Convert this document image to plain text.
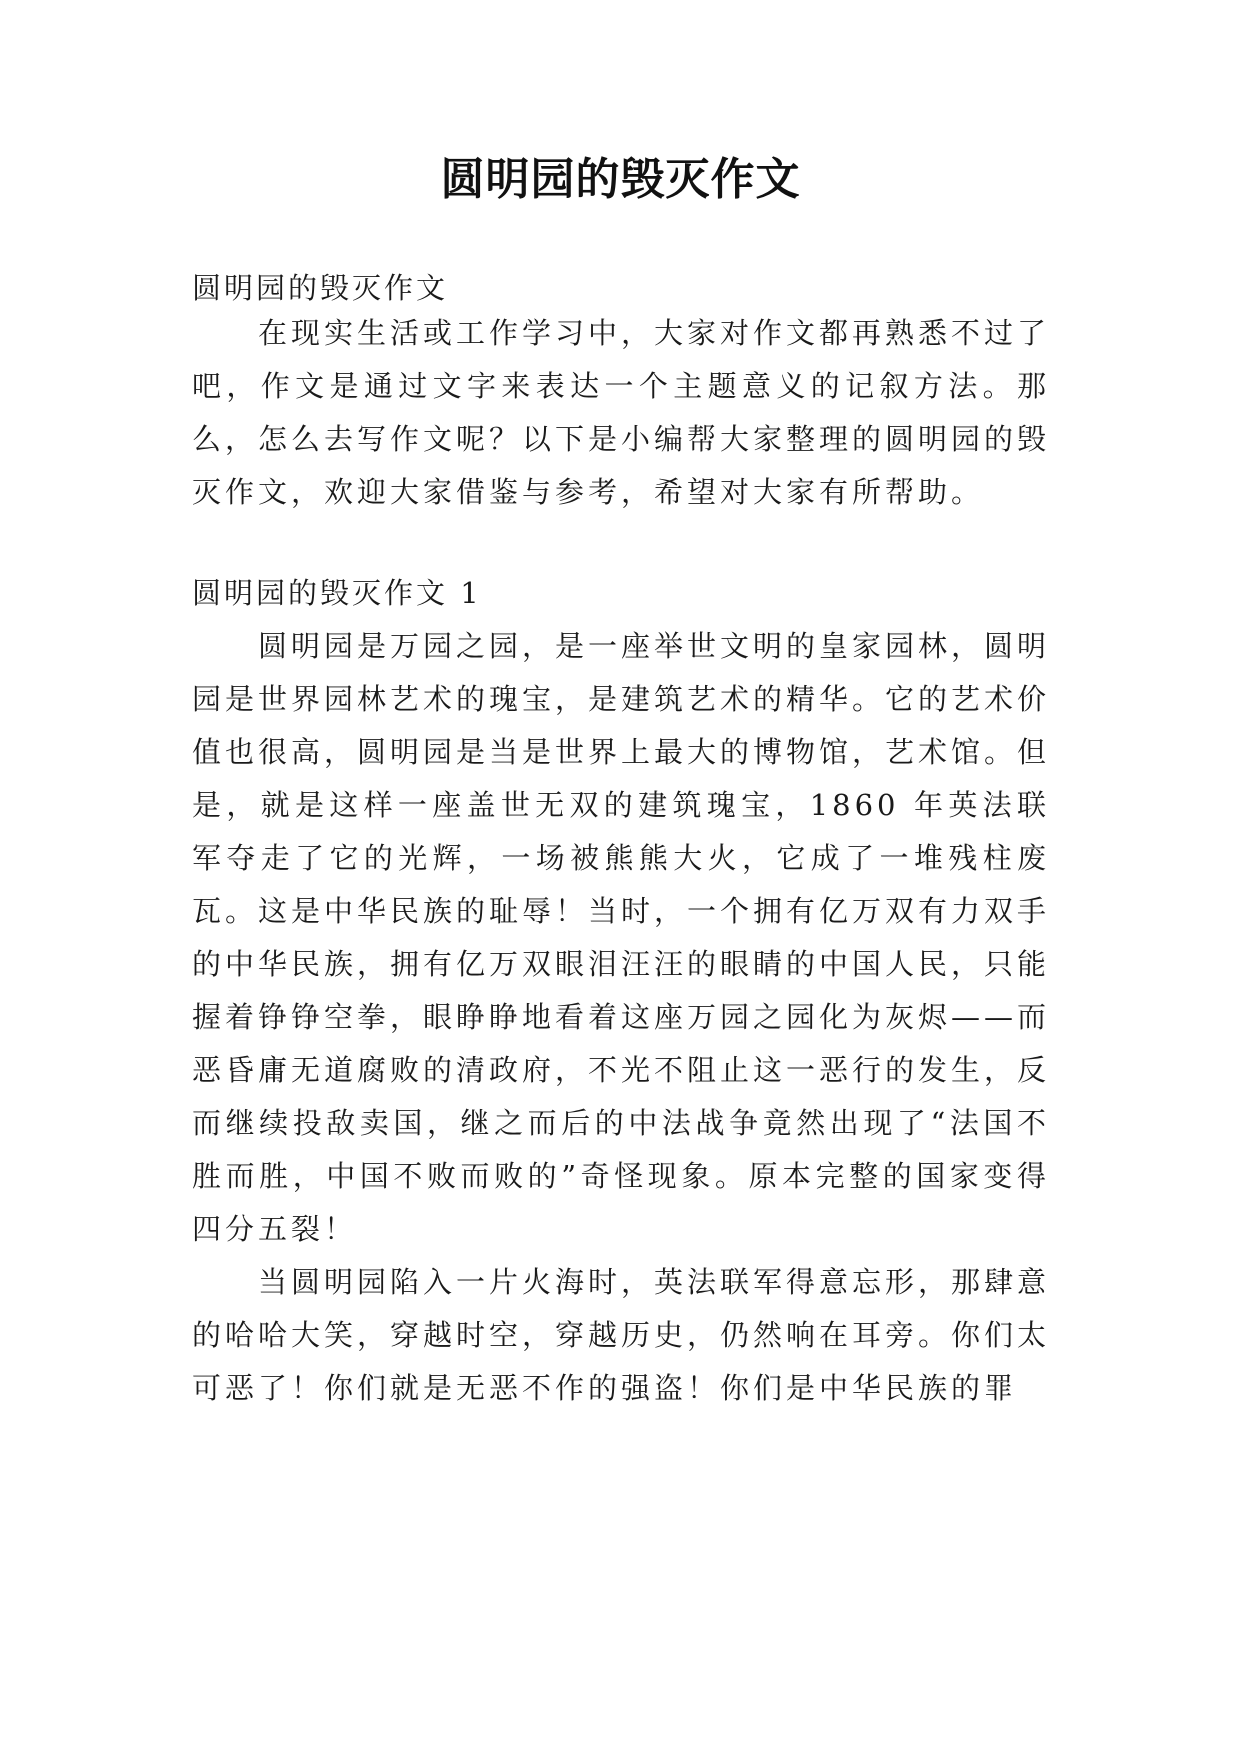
圆明园的毁灭作文

圆明园的毁灭作文

在现实生活或工作学习中，大家对作文都再熟悉不过了吧，作文是通过文字来表达一个主题意义的记叙方法。那么，怎么去写作文呢？以下是小编帮大家整理的圆明园的毁灭作文，欢迎大家借鉴与参考，希望对大家有所帮助。

圆明园的毁灭作文 1

圆明园是万园之园，是一座举世文明的皇家园林，圆明园是世界园林艺术的瑰宝，是建筑艺术的精华。它的艺术价值也很高，圆明园是当是世界上最大的博物馆，艺术馆。但是，就是这样一座盖世无双的建筑瑰宝，1860 年英法联军夺走了它的光辉，一场被熊熊大火，它成了一堆残柱废瓦。 这是中华民族的耻辱！当时，一个拥有亿万双有力双手的中华民族，拥有亿万双眼泪汪汪的眼睛的中国人民，只能握着铮铮空拳，眼睁睁地看着这座万园之园化为灰烬——而恶昏庸无道腐败的清政府，不光不阻止这一恶行的发生，反而继续投敌卖国，继之而后的中法战争竟然出现了“法国不胜而胜，中国不败而败的”奇怪现象。原本完整的国家变得四分五裂！

当圆明园陷入一片火海时，英法联军得意忘形，那肆意的哈哈大笑，穿越时空，穿越历史，仍然响在耳旁。你们太可恶了！你们就是无恶不作的强盗！你们是中华民族的罪
